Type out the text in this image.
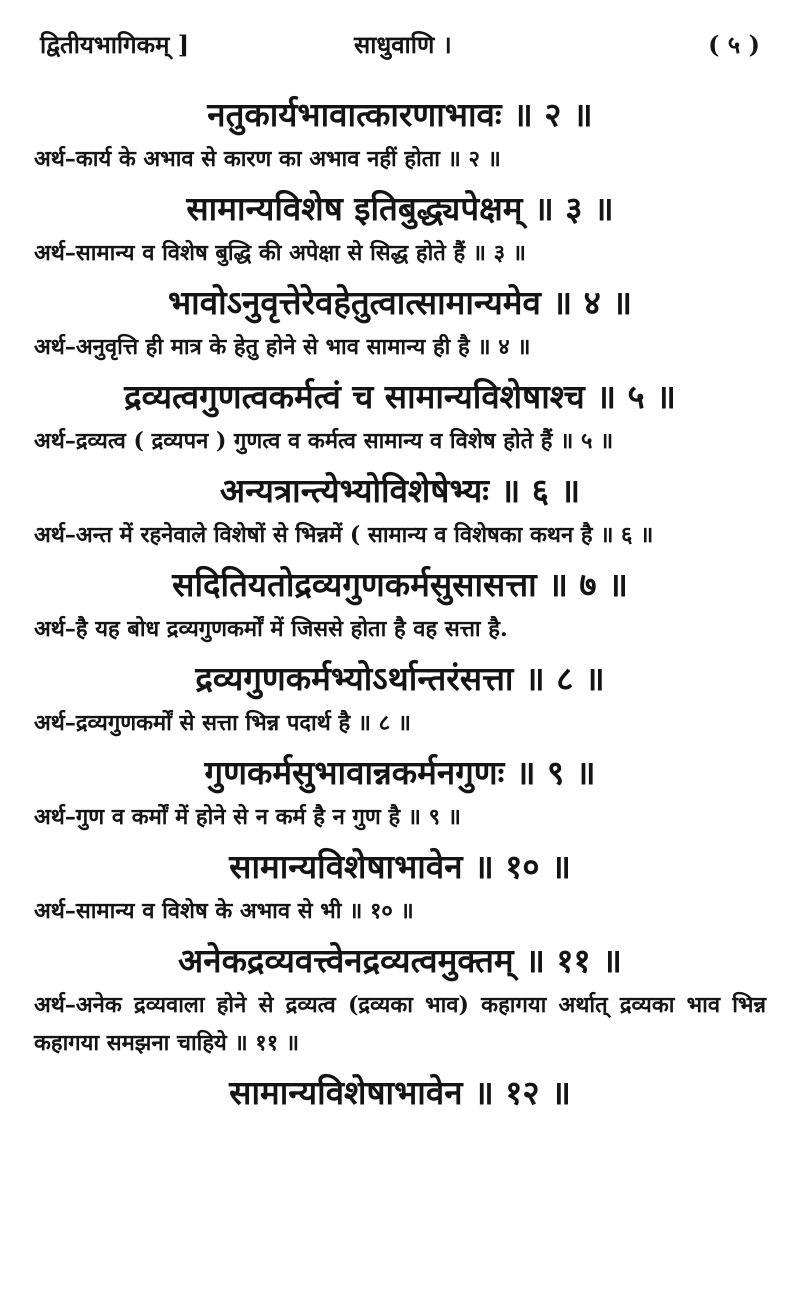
द्वितीयभागिकम् ]	साधुवाणि ।	( ५ )
नतुकार्यभावात्कारणाभावः ॥ २ ॥
अर्थ–कार्य के अभाव से कारण का अभाव नहीं होता ॥ २ ॥
सामान्यविशेष इतिबुद्ध्यपेक्षम् ॥ ३ ॥
अर्थ–सामान्य व विशेष बुद्धि की अपेक्षा से सिद्ध होते हैं ॥ ३ ॥
भावोऽनुवृत्तेरेवहेतुत्वात्सामान्यमेव ॥ ४ ॥
अर्थ–अनुवृत्ति ही मात्र के हेतु होने से भाव सामान्य ही है ॥ ४ ॥
द्रव्यत्वगुणत्वकर्मत्वं च सामान्यविशेषाश्च ॥ ५ ॥
अर्थ–द्रव्यत्व ( द्रव्यपन ) गुणत्व व कर्मत्व सामान्य व विशेष होते हैं ॥ ५ ॥
अन्यत्रान्त्येभ्योविशेषेभ्यः ॥ ६ ॥
अर्थ–अन्त में रहनेवाले विशेषों से भिन्नमें ( सामान्य व विशेषका कथन है ॥ ६ ॥
सदितियतोद्रव्यगुणकर्मसुसासत्ता ॥ ७ ॥
अर्थ–है यह बोध द्रव्यगुणकर्मों में जिससे होता है वह सत्ता है.
द्रव्यगुणकर्मभ्योऽर्थान्तरंसत्ता ॥ ८ ॥
अर्थ–द्रव्यगुणकर्मों से सत्ता भिन्न पदार्थ है ॥ ८ ॥
गुणकर्मसुभावान्नकर्मनगुणः ॥ ९ ॥
अर्थ–गुण व कर्मों में होने से न कर्म है न गुण है ॥ ९ ॥
सामान्यविशेषाभावेन ॥ १० ॥
अर्थ–सामान्य व विशेष के अभाव से भी ॥ १० ॥
अनेकद्रव्यवत्त्वेनद्रव्यत्वमुक्तम् ॥ ११ ॥
अर्थ–अनेक द्रव्यवाला होने से द्रव्यत्व (द्रव्यका भाव) कहागया अर्थात् द्रव्यका भाव भिन्न कहागया समझना चाहिये ॥ ११ ॥
सामान्यविशेषाभावेन ॥ १२ ॥
